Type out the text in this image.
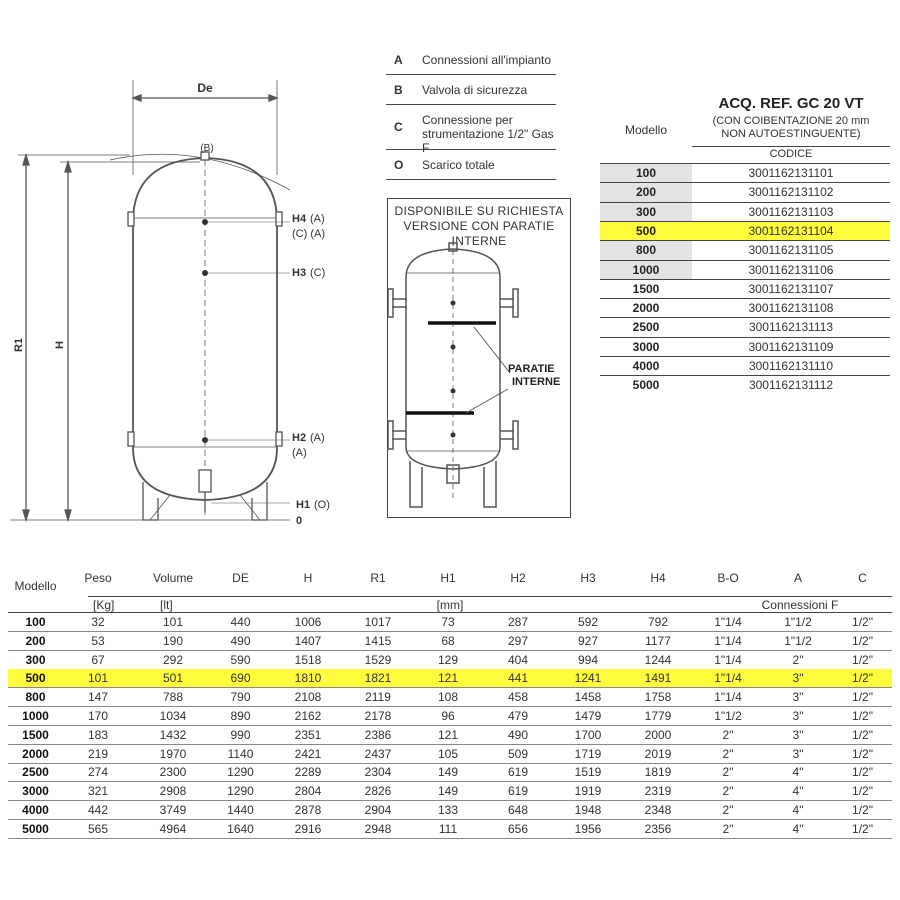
De
(B)
H4 (A)
(C) (A)
H3 (C)
H2 (A)
(A)
H1 (O)
0
R1	H
A Connessioni all'impianto
B Valvola di sicurezza
C Connessione per strumentazione 1/2" Gas F
O Scarico totale
DISPONIBILE SU RICHIESTA
VERSIONE CON PARATIE
INTERNE
PARATIE
INTERNE
ACQ. REF. GC 20 VT
(CON COIBENTAZIONE 20 mm
NON AUTOESTINGUENTE)
Modello
CODICE
100	3001162131101
200	3001162131102
300	3001162131103
500	3001162131104
800	3001162131105
1000	3001162131106
1500	3001162131107
2000	3001162131108
2500	3001162131113
3000	3001162131109
4000	3001162131110
5000	3001162131112
Modello
Peso	Volume	DE	H	R1	H1	H2	H3	H4	B-O	A	C
[Kg]	[lt]	[mm]	Connessioni F
100	32	101	440	1006	1017	73	287	592	792	1"1/4	1"1/2	1/2"
200	53	190	490	1407	1415	68	297	927	1177	1"1/4	1"1/2	1/2"
300	67	292	590	1518	1529	129	404	994	1244	1"1/4	2"	1/2"
500	101	501	690	1810	1821	121	441	1241	1491	1"1/4	3"	1/2"
800	147	788	790	2108	2119	108	458	1458	1758	1"1/4	3"	1/2"
1000	170	1034	890	2162	2178	96	479	1479	1779	1"1/2	3"	1/2"
1500	183	1432	990	2351	2386	121	490	1700	2000	2"	3"	1/2"
2000	219	1970	1140	2421	2437	105	509	1719	2019	2"	3"	1/2"
2500	274	2300	1290	2289	2304	149	619	1519	1819	2"	4"	1/2"
3000	321	2908	1290	2804	2826	149	619	1919	2319	2"	4"	1/2"
4000	442	3749	1440	2878	2904	133	648	1948	2348	2"	4"	1/2"
5000	565	4964	1640	2916	2948	111	656	1956	2356	2"	4"	1/2"
